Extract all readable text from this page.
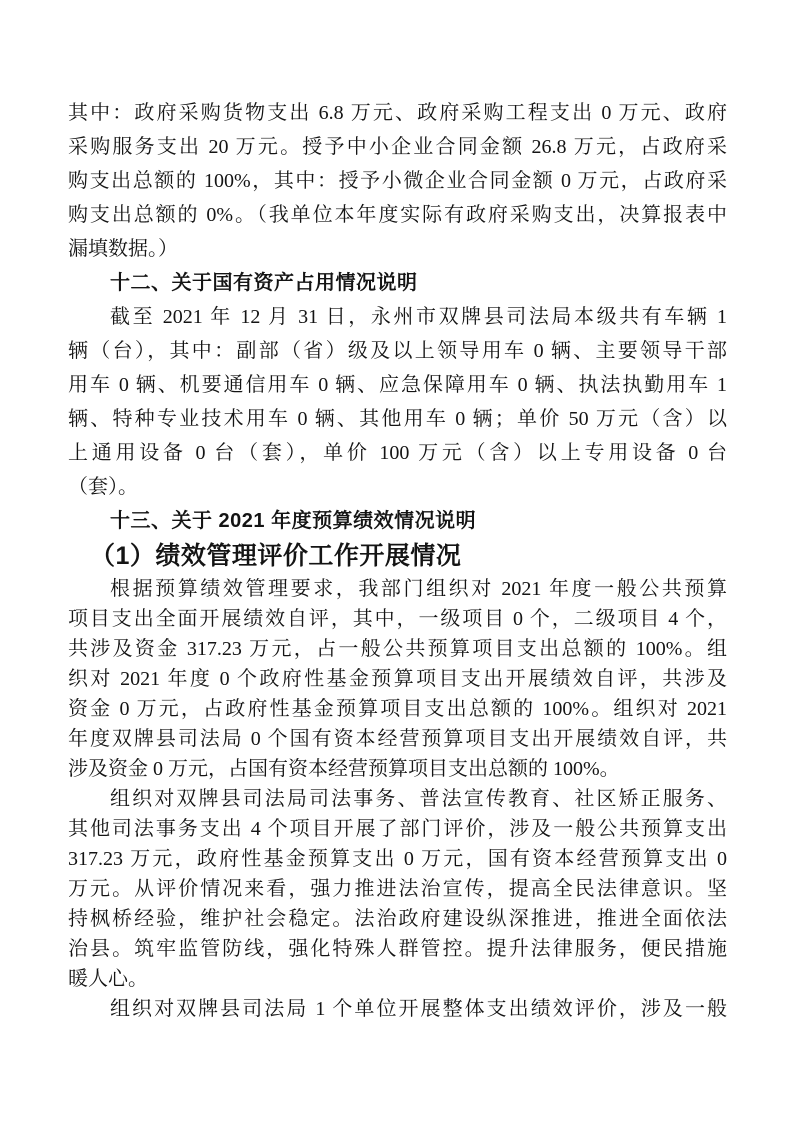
其中：政府采购货物支出 6.8 万元、政府采购工程支出 0 万元、政府
采购服务支出 20 万元。授予中小企业合同金额 26.8 万元，占政府采
购支出总额的 100%，其中：授予小微企业合同金额 0 万元，占政府采
购支出总额的 0%。（我单位本年度实际有政府采购支出，决算报表中
漏填数据。）
十二、关于国有资产占用情况说明
截至 2021 年 12 月 31 日，永州市双牌县司法局本级共有车辆 1
辆（台），其中：副部（省）级及以上领导用车 0 辆、主要领导干部
用车 0 辆、机要通信用车 0 辆、应急保障用车 0 辆、执法执勤用车 1
辆、特种专业技术用车 0 辆、其他用车 0 辆；单价 50 万元（含）以
上通用设备 0 台（套），单价 100 万元（含）以上专用设备 0 台
（套）。
十三、关于 2021 年度预算绩效情况说明
（1）绩效管理评价工作开展情况
根据预算绩效管理要求，我部门组织对 2021 年度一般公共预算
项目支出全面开展绩效自评，其中，一级项目 0 个，二级项目 4 个，
共涉及资金 317.23 万元，占一般公共预算项目支出总额的 100%。组
织对 2021 年度 0 个政府性基金预算项目支出开展绩效自评，共涉及
资金 0 万元，占政府性基金预算项目支出总额的 100%。组织对 2021
年度双牌县司法局 0 个国有资本经营预算项目支出开展绩效自评，共
涉及资金 0 万元，占国有资本经营预算项目支出总额的 100%。
组织对双牌县司法局司法事务、普法宣传教育、社区矫正服务、
其他司法事务支出 4 个项目开展了部门评价，涉及一般公共预算支出
317.23 万元，政府性基金预算支出 0 万元，国有资本经营预算支出 0
万元。从评价情况来看，强力推进法治宣传，提高全民法律意识。坚
持枫桥经验，维护社会稳定。法治政府建设纵深推进，推进全面依法
治县。筑牢监管防线，强化特殊人群管控。提升法律服务，便民措施
暖人心。
组织对双牌县司法局 1 个单位开展整体支出绩效评价，涉及一般
